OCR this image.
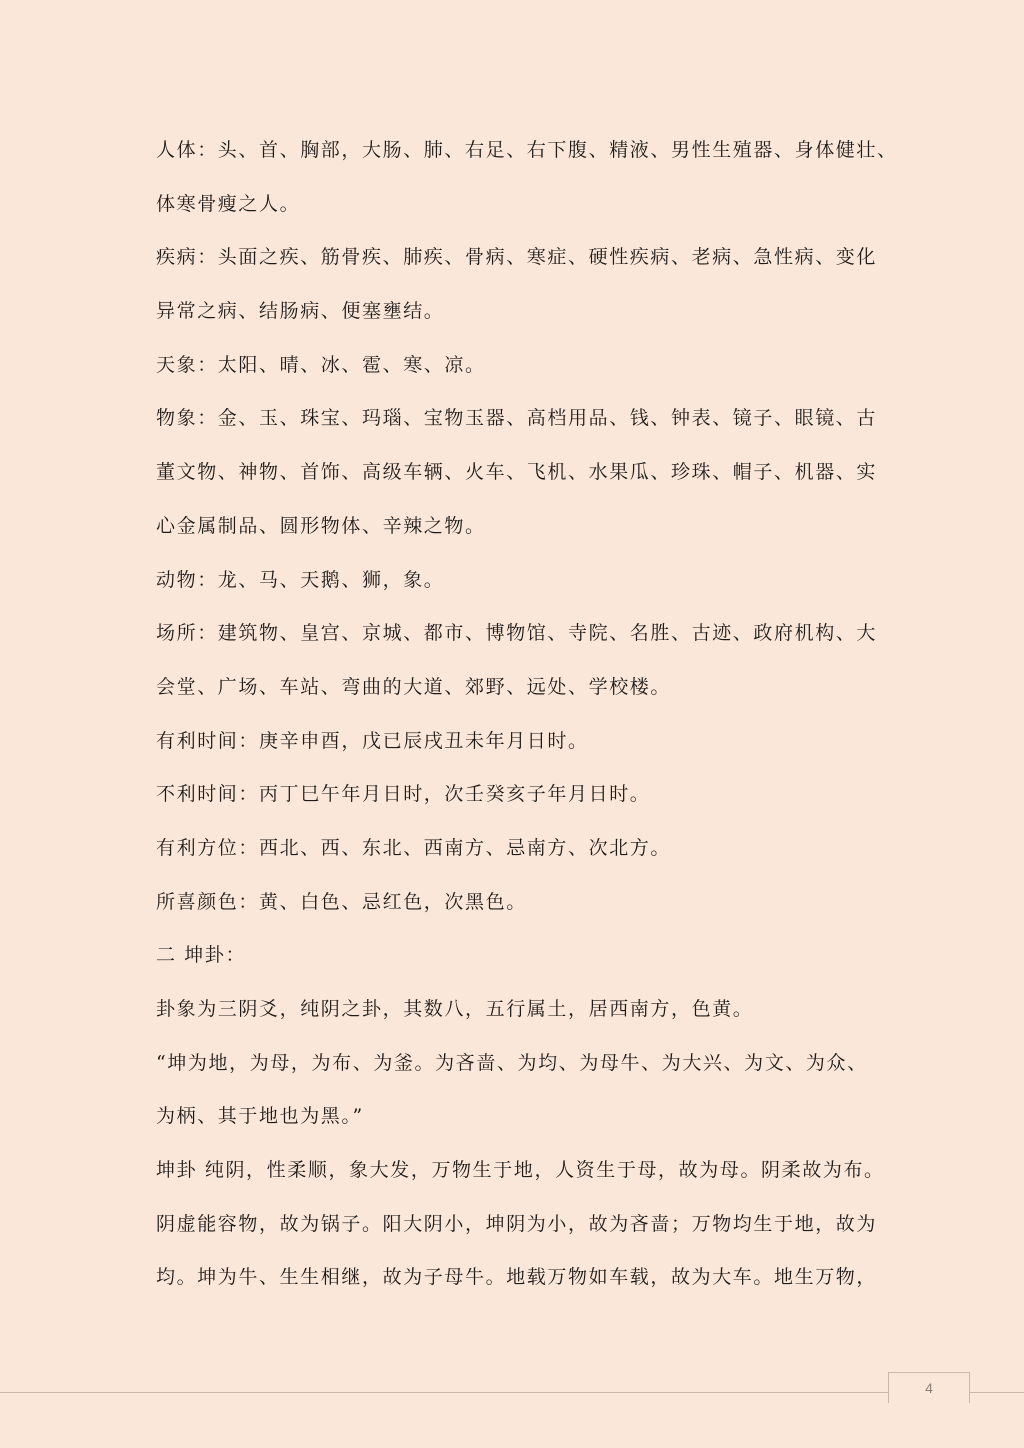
人体：头、首、胸部，大肠、肺、右足、右下腹、精液、男性生殖器、身体健壮、
体寒骨瘦之人。
疾病：头面之疾、筋骨疾、肺疾、骨病、寒症、硬性疾病、老病、急性病、变化
异常之病、结肠病、便塞壅结。
天象：太阳、晴、冰、雹、寒、凉。
物象：金、玉、珠宝、玛瑙、宝物玉器、高档用品、钱、钟表、镜子、眼镜、古
董文物、神物、首饰、高级车辆、火车、飞机、水果瓜、珍珠、帽子、机器、实
心金属制品、圆形物体、辛辣之物。
动物：龙、马、天鹅、狮，象。
场所：建筑物、皇宫、京城、都市、博物馆、寺院、名胜、古迹、政府机构、大
会堂、广场、车站、弯曲的大道、郊野、远处、学校楼。
有利时间：庚辛申酉，戊已辰戌丑未年月日时。
不利时间：丙丁巳午年月日时，次壬癸亥子年月日时。
有利方位：西北、西、东北、西南方、忌南方、次北方。
所喜颜色：黄、白色、忌红色，次黑色。
二 坤卦：
卦象为三阴爻，纯阴之卦，其数八，五行属土，居西南方，色黄。
“坤为地，为母，为布、为釜。为吝啬、为均、为母牛、为大兴、为文、为众、
为柄、其于地也为黑。”
坤卦 纯阴，性柔顺，象大发，万物生于地，人资生于母，故为母。阴柔故为布。
阴虚能容物，故为锅子。阳大阴小，坤阴为小，故为吝啬；万物均生于地，故为
均。坤为牛、生生相继，故为子母牛。地载万物如车载，故为大车。地生万物，
4
